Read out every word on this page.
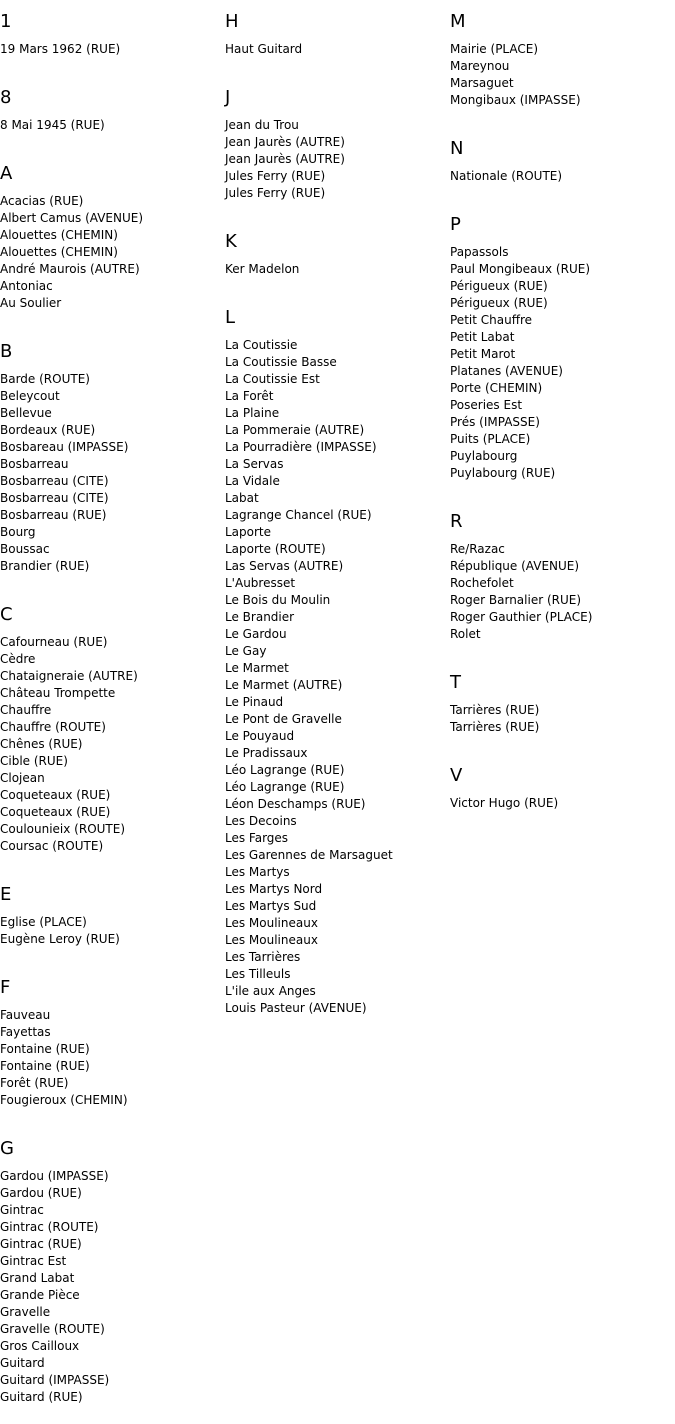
1
19 Mars 1962 (RUE)
8
8 Mai 1945 (RUE)
A
Acacias (RUE)
Albert Camus (AVENUE)
Alouettes (CHEMIN)
Alouettes (CHEMIN)
André Maurois (AUTRE)
Antoniac
Au Soulier
B
Barde (ROUTE)
Beleycout
Bellevue
Bordeaux (RUE)
Bosbareau (IMPASSE)
Bosbarreau
Bosbarreau (CITE)
Bosbarreau (CITE)
Bosbarreau (RUE)
Bourg
Boussac
Brandier (RUE)
C
Cafourneau (RUE)
Cèdre
Chataigneraie (AUTRE)
Château Trompette
Chauffre
Chauffre (ROUTE)
Chênes (RUE)
Cible (RUE)
Clojean
Coqueteaux (RUE)
Coqueteaux (RUE)
Coulounieix (ROUTE)
Coursac (ROUTE)
E
Eglise (PLACE)
Eugène Leroy (RUE)
F
Fauveau
Fayettas
Fontaine (RUE)
Fontaine (RUE)
Forêt (RUE)
Fougieroux (CHEMIN)
G
Gardou (IMPASSE)
Gardou (RUE)
Gintrac
Gintrac (ROUTE)
Gintrac (RUE)
Gintrac Est
Grand Labat
Grande Pièce
Gravelle
Gravelle (ROUTE)
Gros Cailloux
Guitard
Guitard (IMPASSE)
Guitard (RUE)
H
Haut Guitard
J
Jean du Trou
Jean Jaurès (AUTRE)
Jean Jaurès (AUTRE)
Jules Ferry (RUE)
Jules Ferry (RUE)
K
Ker Madelon
L
La Coutissie
La Coutissie Basse
La Coutissie Est
La Forêt
La Plaine
La Pommeraie (AUTRE)
La Pourradière (IMPASSE)
La Servas
La Vidale
Labat
Lagrange Chancel (RUE)
Laporte
Laporte (ROUTE)
Las Servas (AUTRE)
L'Aubresset
Le Bois du Moulin
Le Brandier
Le Gardou
Le Gay
Le Marmet
Le Marmet (AUTRE)
Le Pinaud
Le Pont de Gravelle
Le Pouyaud
Le Pradissaux
Léo Lagrange (RUE)
Léo Lagrange (RUE)
Léon Deschamps (RUE)
Les Decoins
Les Farges
Les Garennes de Marsaguet
Les Martys
Les Martys Nord
Les Martys Sud
Les Moulineaux
Les Moulineaux
Les Tarrières
Les Tilleuls
L'ile aux Anges
Louis Pasteur (AVENUE)
M
Mairie (PLACE)
Mareynou
Marsaguet
Mongibaux (IMPASSE)
N
Nationale (ROUTE)
P
Papassols
Paul Mongibeaux (RUE)
Périgueux (RUE)
Périgueux (RUE)
Petit Chauffre
Petit Labat
Petit Marot
Platanes (AVENUE)
Porte (CHEMIN)
Poseries Est
Prés (IMPASSE)
Puits (PLACE)
Puylabourg
Puylabourg (RUE)
R
Re/Razac
République (AVENUE)
Rochefolet
Roger Barnalier (RUE)
Roger Gauthier (PLACE)
Rolet
T
Tarrières (RUE)
Tarrières (RUE)
V
Victor Hugo (RUE)
